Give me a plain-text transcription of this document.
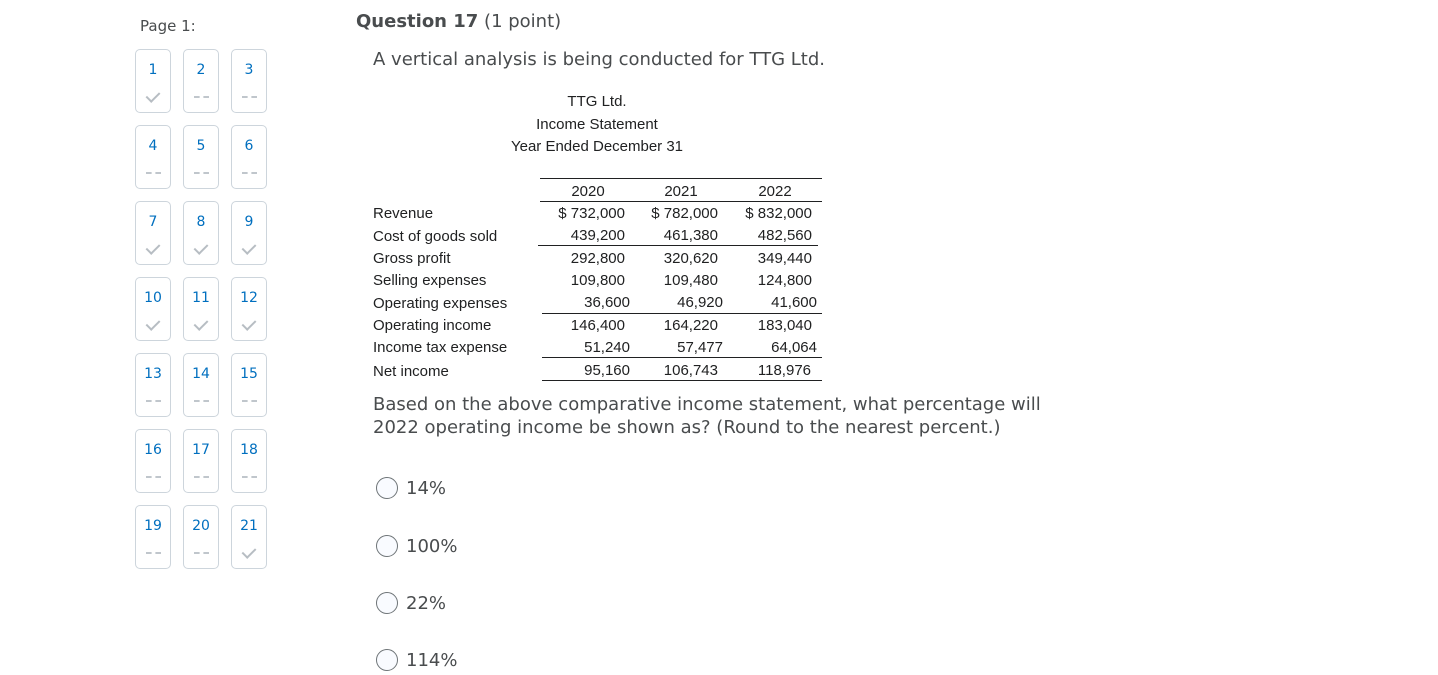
Page 1:
1	2	3
4	5	6
7	8	9
10	11	12
13	14	15
16	17	18
19	20	21
Question 17 (1 point)
A vertical analysis is being conducted for TTG Ltd.
TTG Ltd.
Income Statement
Year Ended December 31
2020	2021	2022
Revenue	$ 732,000	$ 782,000	$ 832,000
Cost of goods sold	439,200	461,380	482,560
Gross profit	292,800	320,620	349,440
Selling expenses	109,800	109,480	124,800
Operating expenses	36,600	46,920	41,600
Operating income	146,400	164,220	183,040
Income tax expense	51,240	57,477	64,064
Net income	95,160	106,743	118,976
Based on the above comparative income statement, what percentage will 2022 operating income be shown as? (Round to the nearest percent.)
14%
100%
22%
114%
